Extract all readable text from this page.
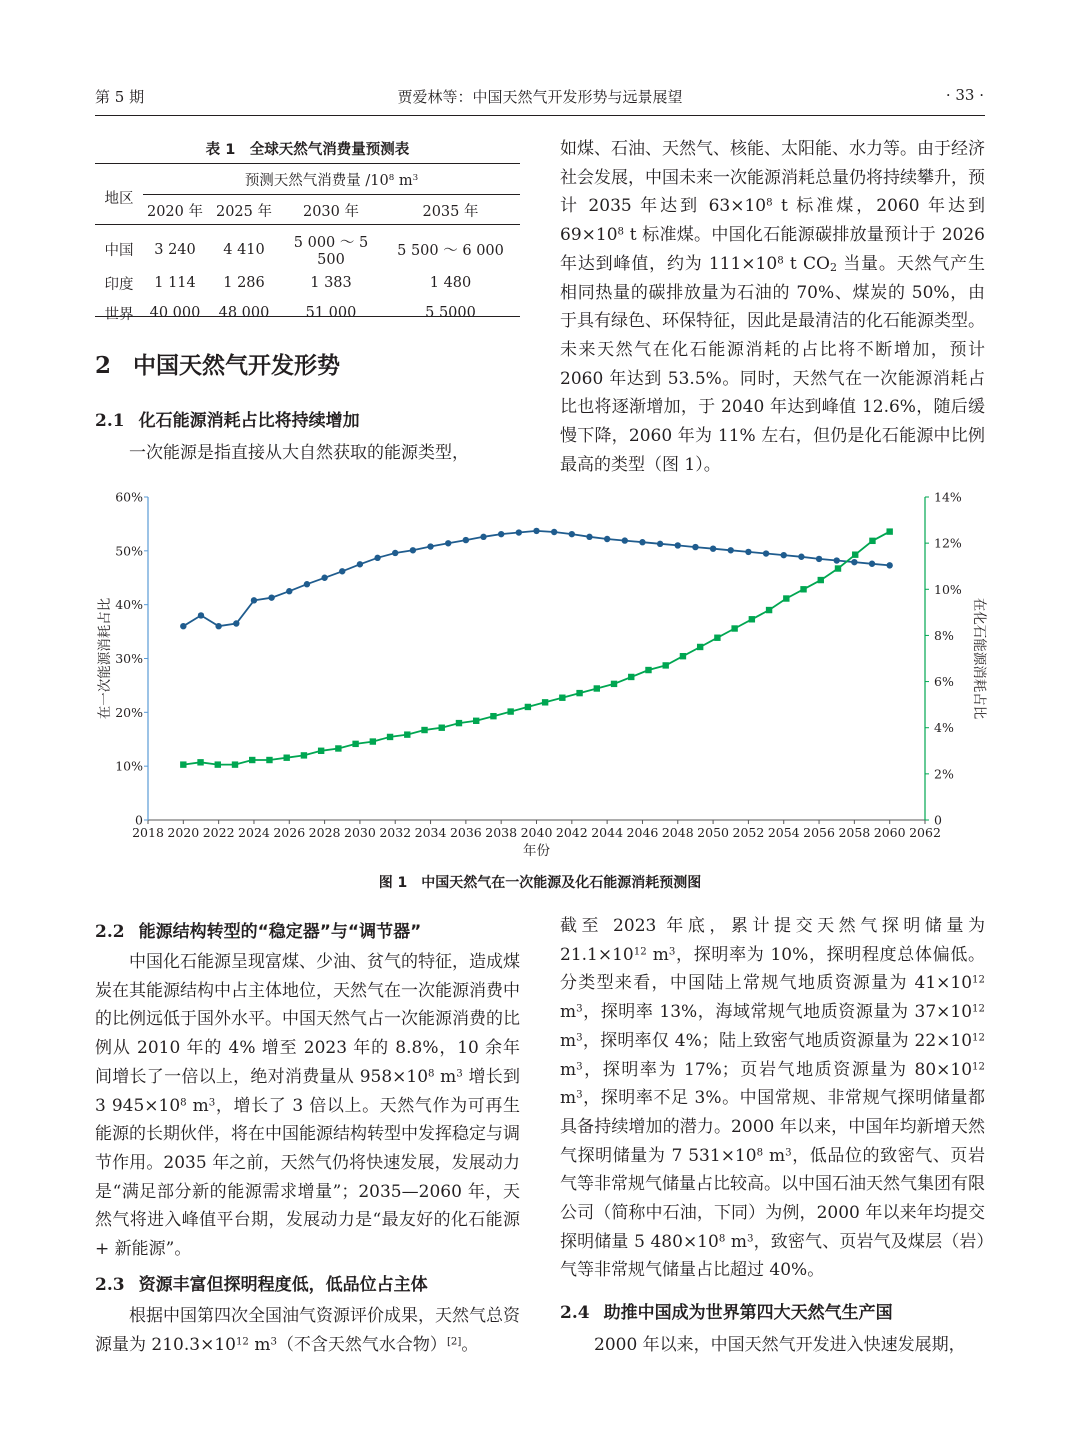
第 5 期	贾爱林等：中国天然气开发形势与远景展望	· 33 ·
表 1　全球天然气消费量预测表
地区
预测天然气消费量 $/10^8$ $m^3$
	2020 年	2025 年	2030 年	2035 年

中国	3 240	4 410	5 000 ～ 5 500	5 500 ～ 6 000
印度	1 114	1 286	1 383	1 480
世界	40 000	48 000	51 000	5 5000
2 中国天然气开发形势
2.1 化石能源消耗占比将持续增加

一次能源是指直接从大自然获取的能源类型，

如煤、石油、天然气、核能、太阳能、水力等。由于经济社会发展，中国未来一次能源消耗总量仍将持续攀升，预计 2035 年达到 $63\times 10^8$ t 标准煤，2060 年达到 $69\times 10^8$ t 标准煤。中国化石能源碳排放量预计于 2026 年达到峰值，约为 $111\times 10^8$ t $CO_2$ 当量。天然气产生相同热量的碳排放量为石油的 70%、煤炭的 50%，由于具有绿色、环保特征，因此是最清洁的化石能源类型。未来天然气在化石能源消耗的占比将不断增加，预计 2060 年达到 53.5%。同时，天然气在一次能源消耗占比也将逐渐增加，于 2040 年达到峰值 12.6%，随后缓慢下降，2060 年为 11% 左右，但仍是化石能源中比例最高的类型（图 1）。

2018 2020 2022 2024 2026 2028 2030 2032 2034 2036 2038 2040 2042 2044 2046 2048 2050 2052 2054 2056 2058 2060 2062
0
10%
20%
30%
40%
50%
60%
0
2%
4%
6%
8%
10%
12%
14%
年份
在一次能源消耗占比	在化石能源消耗占比
图 1　中国天然气在一次能源及化石能源消耗预测图
2.2 能源结构转型的“稳定器”与“调节器”

中国化石能源呈现富煤、少油、贫气的特征，造成煤炭在其能源结构中占主体地位，天然气在一次能源消费中的比例远低于国外水平。中国天然气占一次能源消费的比例从 2010 年的 4% 增至 2023 年的 8.8%，10 余年间增长了一倍以上，绝对消费量从 $958\times 10^8$ $m^3$ 增长到 3 $945\times 10^8$ $m^3$，增长了 3 倍以上。天然气作为可再生能源的长期伙伴，将在中国能源结构转型中发挥稳定与调节作用。2035 年之前，天然气仍将快速发展，发展动力是“满足部分新的能源需求增量”；2035—2060 年，天然气将进入峰值平台期，发展动力是“最友好的化石能源 + 新能源”。

2.3 资源丰富但探明程度低，低品位占主体

根据中国第四次全国油气资源评价成果，天然气总资源量为 $210.3\times 10^{12}$ $m^3$（不含天然气水合物）[2]。

截至 2023 年底，累计提交天然气探明储量为 $21.1\times 10^{12}$ $m^3$，探明率为 10%，探明程度总体偏低。分类型来看，中国陆上常规气地质资源量为 $41\times 10^{12}$ $m^3$，探明率 13%，海域常规气地质资源量为 $37\times 10^{12}$ $m^3$，探明率仅 4%；陆上致密气地质资源量为 $22\times 10^{12}$ $m^3$，探明率为 17%；页岩气地质资源量为 $80\times 10^{12}$ $m^3$，探明率不足 3%。中国常规、非常规气探明储量都具备持续增加的潜力。2000 年以来，中国年均新增天然气探明储量为 7 $531\times 10^8$ $m^3$，低品位的致密气、页岩气等非常规气储量占比较高。以中国石油天然气集团有限公司（简称中石油，下同）为例，2000 年以来年均提交探明储量 5 $480\times 10^8$ $m^3$，致密气、页岩气及煤层（岩）气等非常规气储量占比超过 40%。

2.4 助推中国成为世界第四大天然气生产国

2000 年以来，中国天然气开发进入快速发展期，
